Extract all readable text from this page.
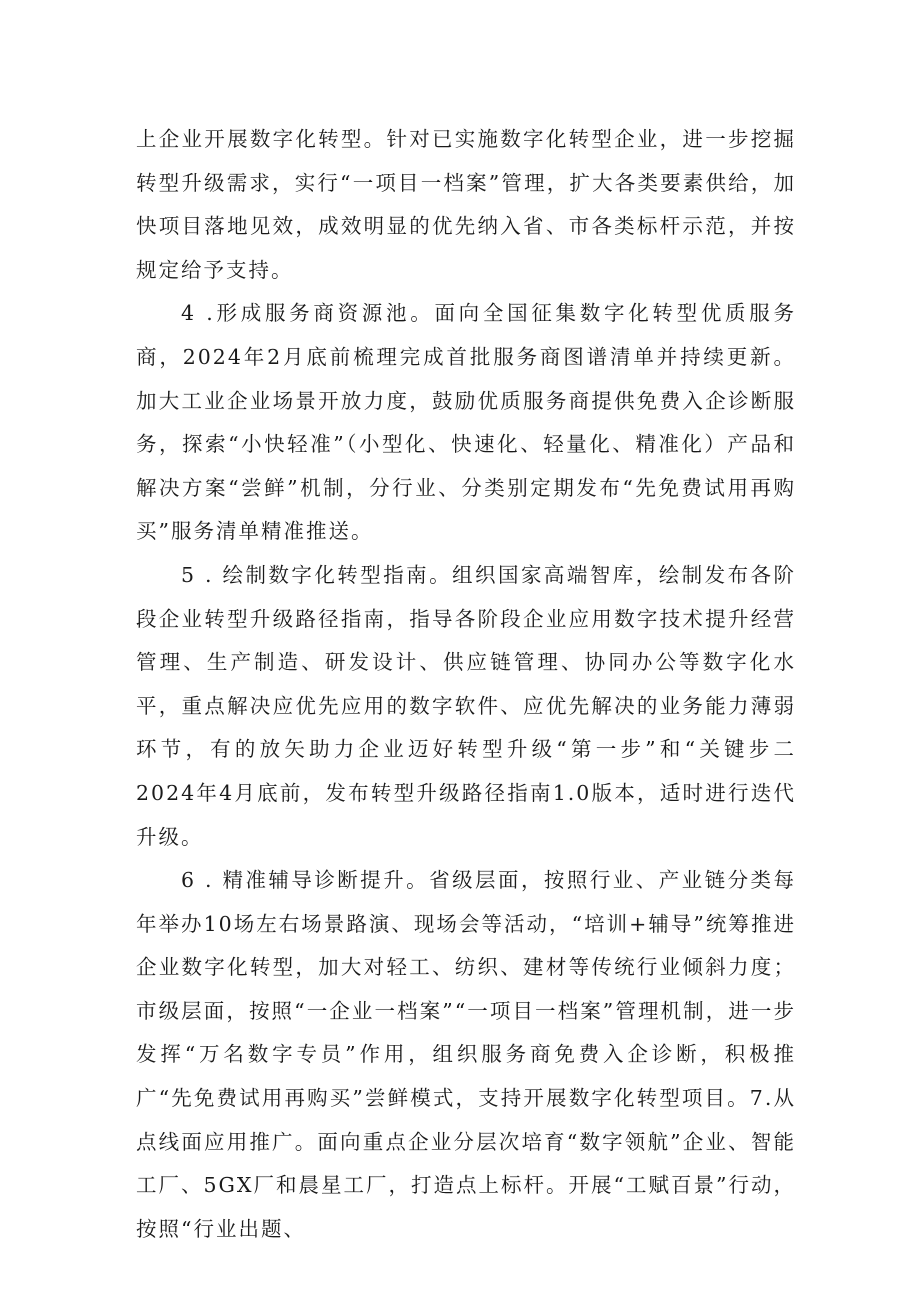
上企业开展数字化转型。针对已实施数字化转型企业，进一步挖掘转型升级需求，实行“一项目一档案”管理，扩大各类要素供给，加快项目落地见效，成效明显的优先纳入省、市各类标杆示范，并按规定给予支持。

4 .形成服务商资源池。面向全国征集数字化转型优质服务商，2024年2月底前梳理完成首批服务商图谱清单并持续更新。加大工业企业场景开放力度，鼓励优质服务商提供免费入企诊断服务，探索“小快轻准”（小型化、快速化、轻量化、精准化）产品和解决方案“尝鲜”机制，分行业、分类别定期发布“先免费试用再购买”服务清单精准推送。

5 . 绘制数字化转型指南。组织国家高端智库，绘制发布各阶段企业转型升级路径指南，指导各阶段企业应用数字技术提升经营管理、生产制造、研发设计、供应链管理、协同办公等数字化水平，重点解决应优先应用的数字软件、应优先解决的业务能力薄弱环节，有的放矢助力企业迈好转型升级“第一步”和“关键步二2024年4月底前，发布转型升级路径指南1.0版本，适时进行迭代升级。

6 . 精准辅导诊断提升。省级层面，按照行业、产业链分类每年举办10场左右场景路演、现场会等活动，“培训+辅导”统筹推进企业数字化转型，加大对轻工、纺织、建材等传统行业倾斜力度；市级层面，按照“一企业一档案”“一项目一档案”管理机制，进一步发挥“万名数字专员”作用，组织服务商免费入企诊断，积极推广“先免费试用再购买”尝鲜模式，支持开展数字化转型项目。7.从点线面应用推广。面向重点企业分层次培育“数字领航”企业、智能工厂、5GX厂和晨星工厂，打造点上标杆。开展“工赋百景”行动，按照“行业出题、
